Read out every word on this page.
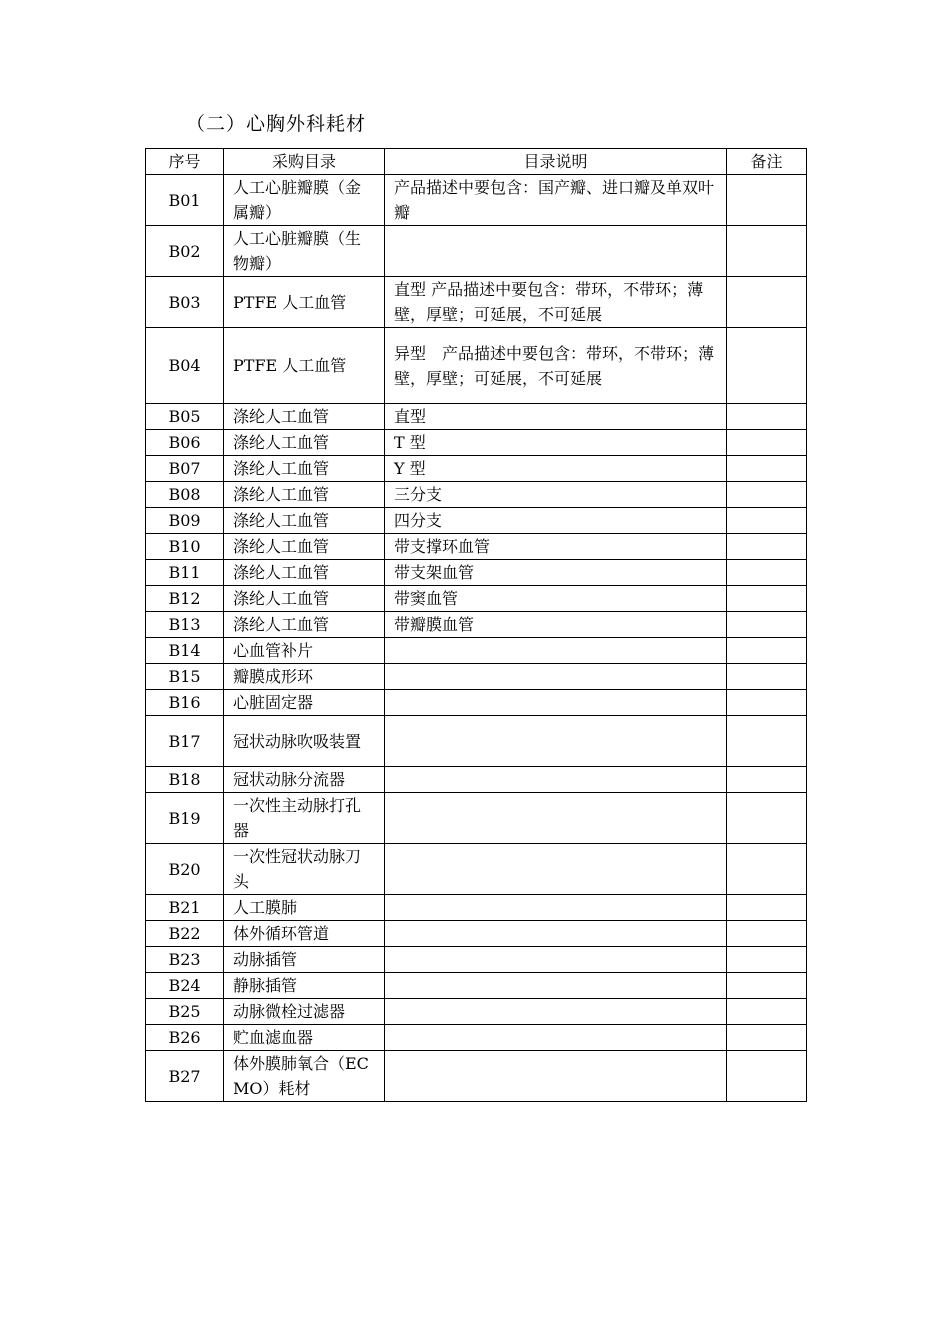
（二）心胸外科耗材
序号	采购目录	目录说明	备注
B01	人工心脏瓣膜（金属瓣）	产品描述中要包含：国产瓣、进口瓣及单双叶瓣	
B02	人工心脏瓣膜（生物瓣）		
B03	PTFE 人工血管	直型 产品描述中要包含：带环，不带环；薄壁，厚壁；可延展，不可延展	
B04	PTFE 人工血管	异型　产品描述中要包含：带环，不带环；薄壁，厚壁；可延展，不可延展	
B05	涤纶人工血管	直型	
B06	涤纶人工血管	T 型	
B07	涤纶人工血管	Y 型	
B08	涤纶人工血管	三分支	
B09	涤纶人工血管	四分支	
B10	涤纶人工血管	带支撑环血管	
B11	涤纶人工血管	带支架血管	
B12	涤纶人工血管	带窦血管	
B13	涤纶人工血管	带瓣膜血管	
B14	心血管补片		
B15	瓣膜成形环		
B16	心脏固定器		
B17	冠状动脉吹吸装置		
B18	冠状动脉分流器		
B19	一次性主动脉打孔器		
B20	一次性冠状动脉刀头		
B21	人工膜肺		
B22	体外循环管道		
B23	动脉插管		
B24	静脉插管		
B25	动脉微栓过滤器		
B26	贮血滤血器		
B27	体外膜肺氧合（ECMO）耗材		
